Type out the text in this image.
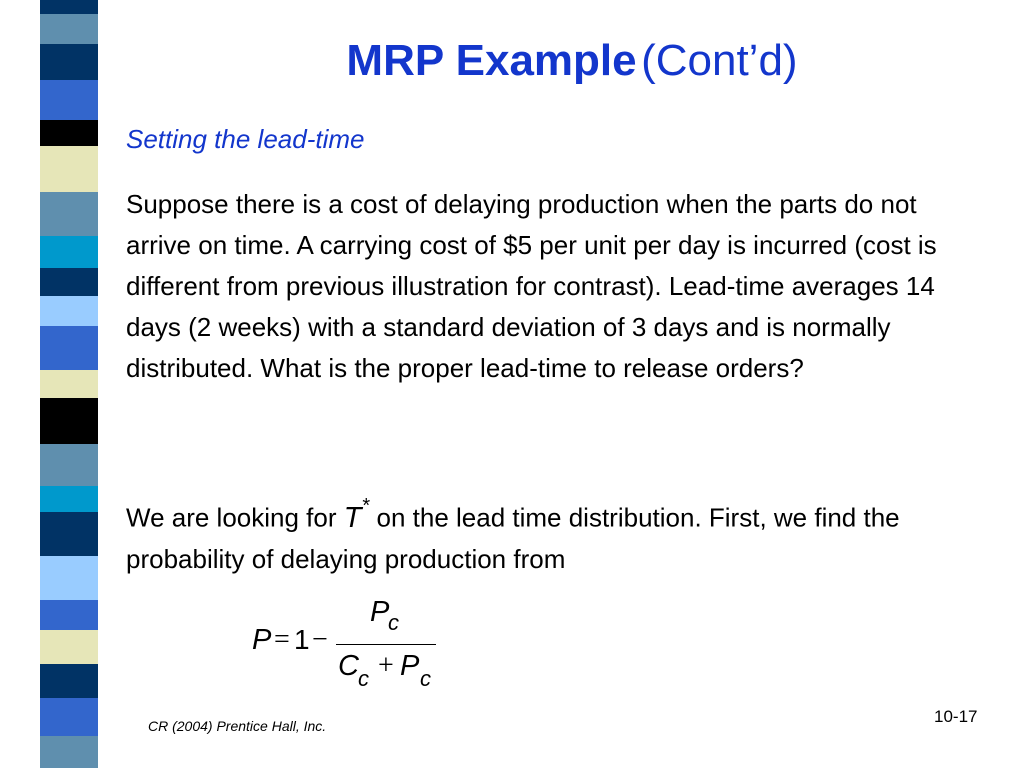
MRP Example (Cont’d)
Setting the lead-time
Suppose there is a cost of delaying production when the parts do not arrive on time. A carrying cost of $5 per unit per day is incurred (cost is different from previous illustration for contrast). Lead-time averages 14 days (2 weeks) with a standard deviation of 3 days and is normally distributed. What is the proper lead-time to release orders?
We are looking for T* on the lead time distribution. First, we find the probability of delaying production from
P = 1 −
P
c
C c + P c
CR (2004) Prentice Hall, Inc.	10-17
